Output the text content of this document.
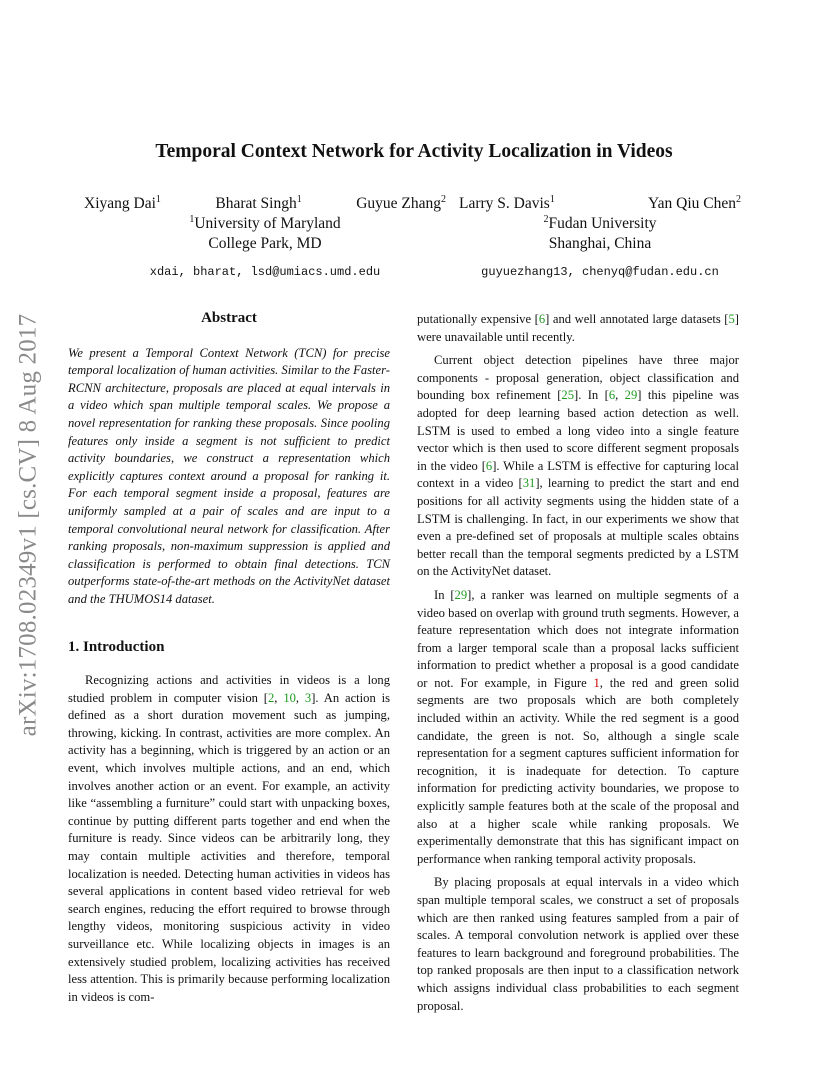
arXiv:1708.02349v1 [cs.CV] 8 Aug 2017
Temporal Context Network for Activity Localization in Videos
Xiyang Dai$^1$	Bharat Singh$^1$	Guyue Zhang$^2$
$^1$University of Maryland
College Park, MD
xdai, bharat, lsd@umiacs.umd.edu
Larry S. Davis$^1$	Yan Qiu Chen$^2$
$^2$Fudan University
Shanghai, China
guyuezhang13, chenyq@fudan.edu.cn
Abstract

We present a Temporal Context Network (TCN) for precise temporal localization of human activities. Similar to the Faster-RCNN architecture, proposals are placed at equal intervals in a video which span multiple temporal scales. We propose a novel representation for ranking these proposals. Since pooling features only inside a segment is not sufficient to predict activity boundaries, we construct a representation which explicitly captures context around a proposal for ranking it. For each temporal segment inside a proposal, features are uniformly sampled at a pair of scales and are input to a temporal convolutional neural network for classification. After ranking proposals, non-maximum suppression is applied and classification is performed to obtain final detections. TCN outperforms state-of-the-art methods on the ActivityNet dataset and the THUMOS14 dataset.

1. Introduction

Recognizing actions and activities in videos is a long studied problem in computer vision [2, 10, 3]. An action is defined as a short duration movement such as jumping, throwing, kicking. In contrast, activities are more complex. An activity has a beginning, which is triggered by an action or an event, which involves multiple actions, and an end, which involves another action or an event. For example, an activity like “assembling a furniture” could start with unpacking boxes, continue by putting different parts together and end when the furniture is ready. Since videos can be arbitrarily long, they may contain multiple activities and therefore, temporal localization is needed. Detecting human activities in videos has several applications in content based video retrieval for web search engines, reducing the effort required to browse through lengthy videos, monitoring suspicious activity in video surveillance etc. While localizing objects in images is an extensively studied problem, localizing activities has received less attention. This is primarily because performing localization in videos is com-

putationally expensive [6] and well annotated large datasets [5] were unavailable until recently.

Current object detection pipelines have three major components - proposal generation, object classification and bounding box refinement [25]. In [6, 29] this pipeline was adopted for deep learning based action detection as well. LSTM is used to embed a long video into a single feature vector which is then used to score different segment proposals in the video [6]. While a LSTM is effective for capturing local context in a video [31], learning to predict the start and end positions for all activity segments using the hidden state of a LSTM is challenging. In fact, in our experiments we show that even a pre-defined set of proposals at multiple scales obtains better recall than the temporal segments predicted by a LSTM on the ActivityNet dataset.

In [29], a ranker was learned on multiple segments of a video based on overlap with ground truth segments. However, a feature representation which does not integrate information from a larger temporal scale than a proposal lacks sufficient information to predict whether a proposal is a good candidate or not. For example, in Figure 1, the red and green solid segments are two proposals which are both completely included within an activity. While the red segment is a good candidate, the green is not. So, although a single scale representation for a segment captures sufficient information for recognition, it is inadequate for detection. To capture information for predicting activity boundaries, we propose to explicitly sample features both at the scale of the proposal and also at a higher scale while ranking proposals. We experimentally demonstrate that this has significant impact on performance when ranking temporal activity proposals.

By placing proposals at equal intervals in a video which span multiple temporal scales, we construct a set of proposals which are then ranked using features sampled from a pair of scales. A temporal convolution network is applied over these features to learn background and foreground probabilities. The top ranked proposals are then input to a classification network which assigns individual class probabilities to each segment proposal.
